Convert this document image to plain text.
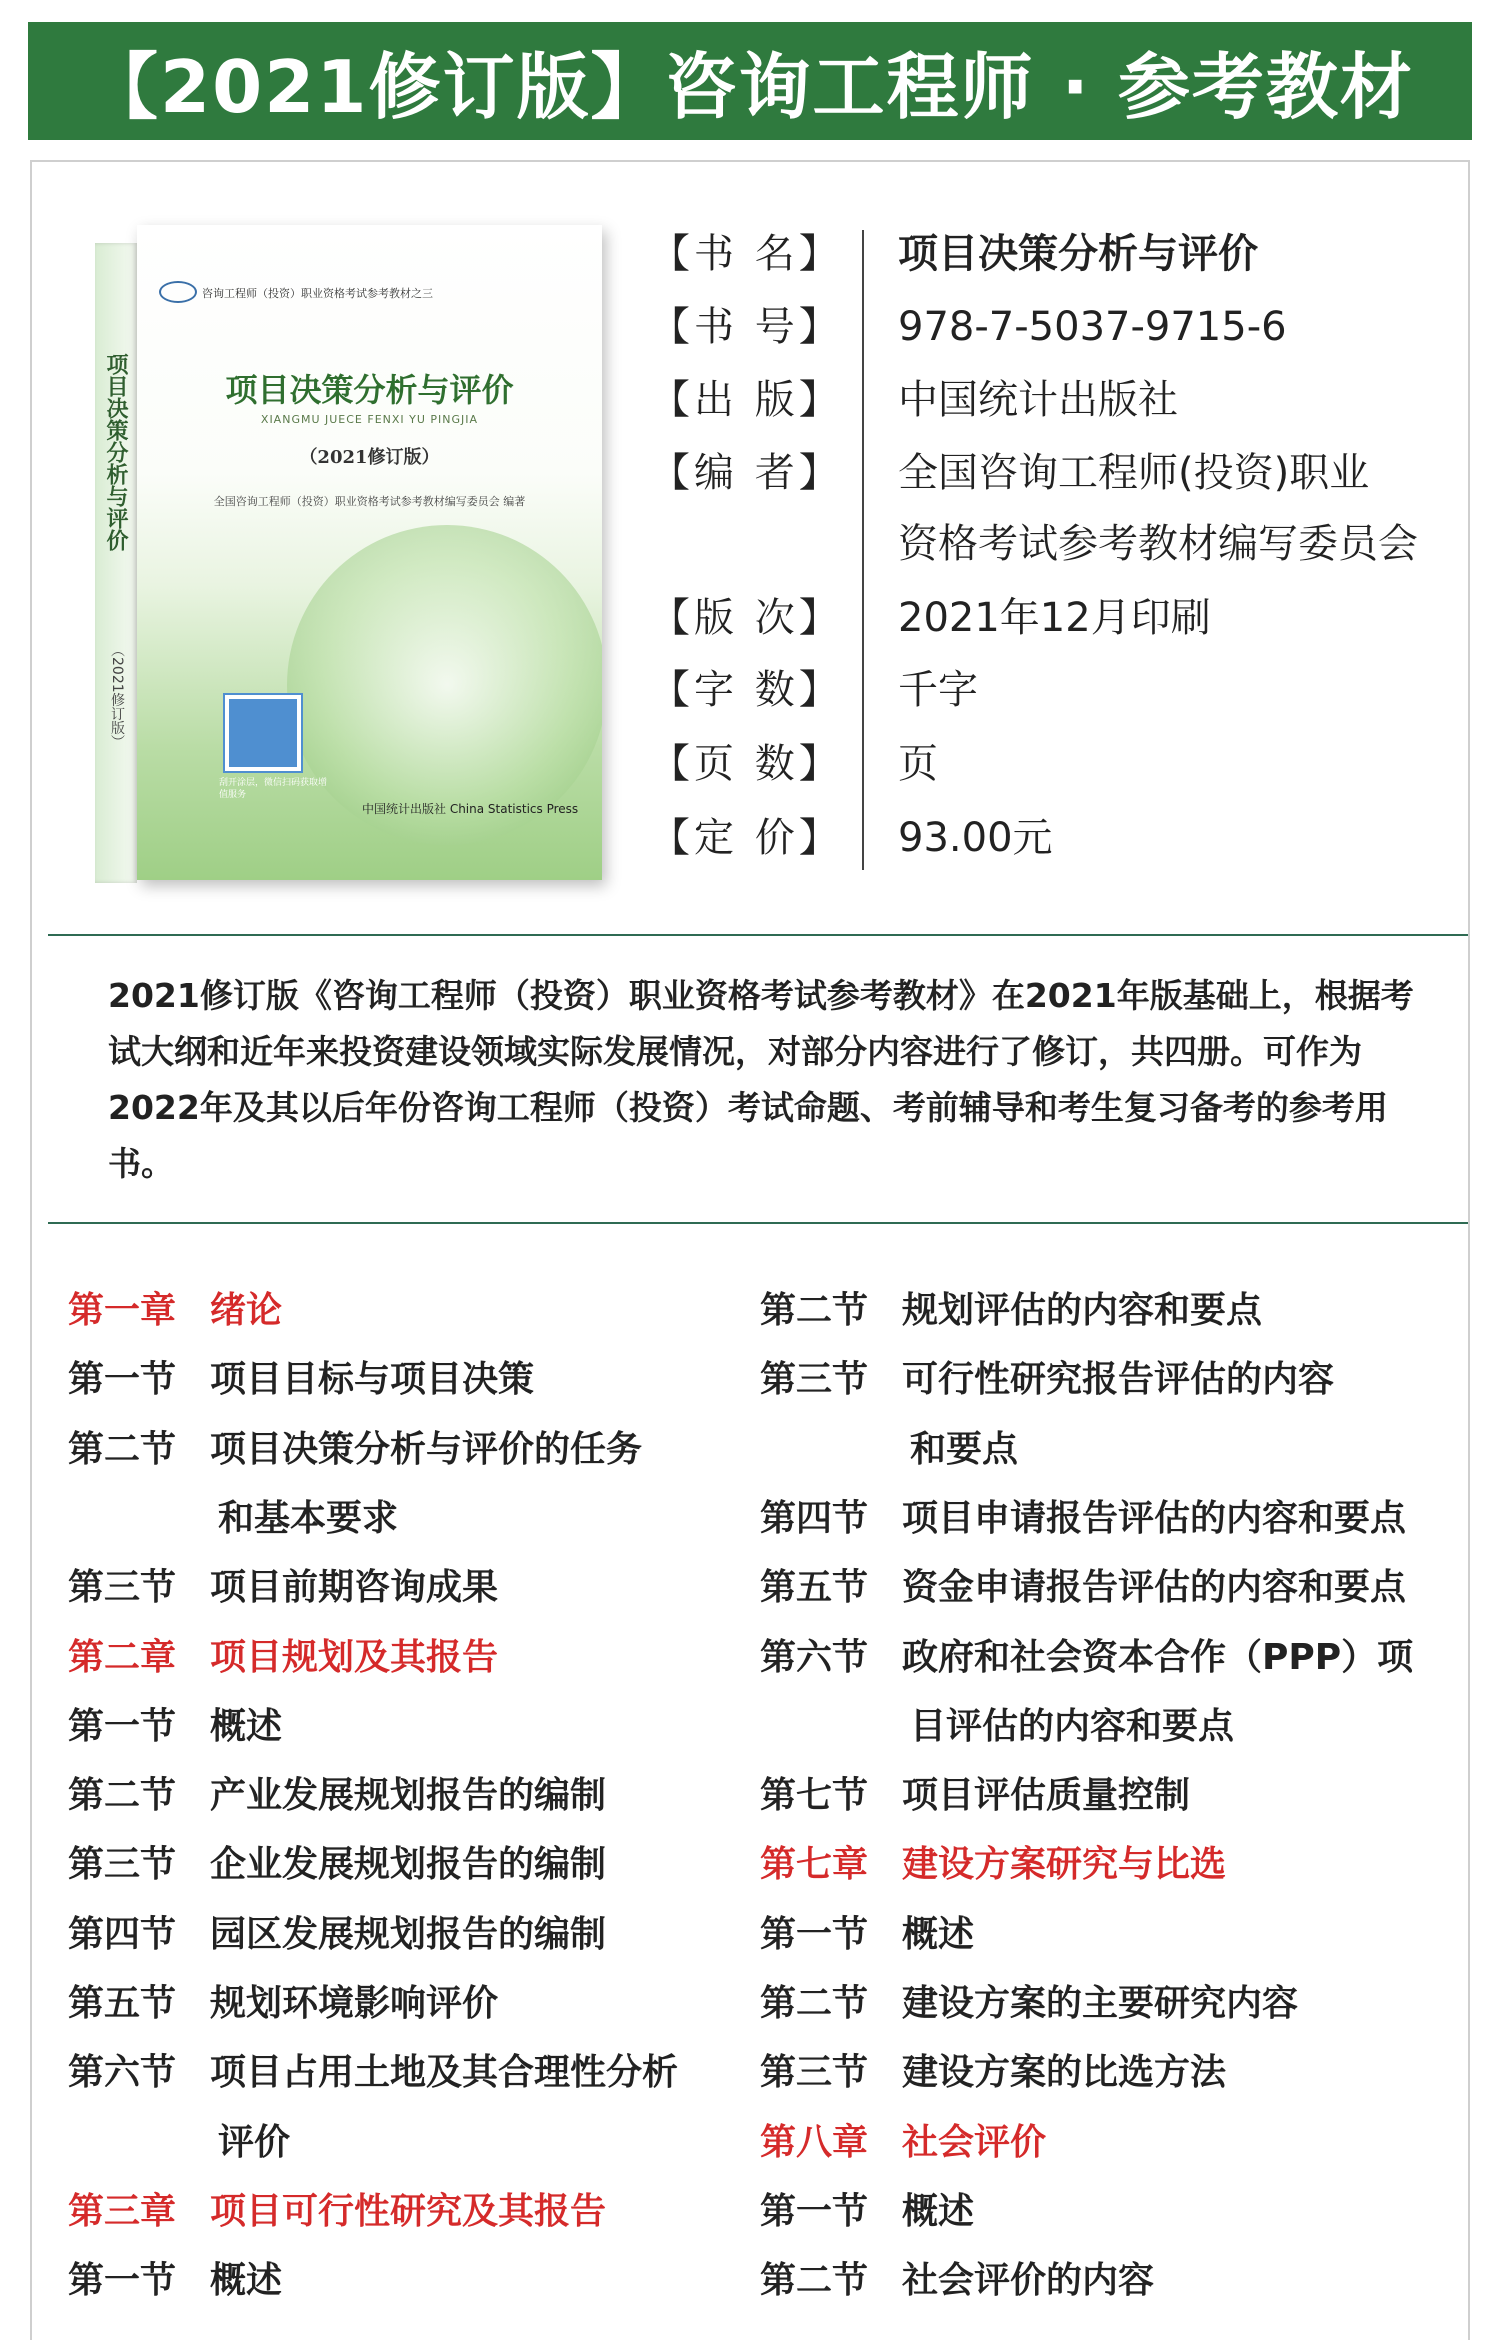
【2021修订版】咨询工程师 · 参考教材
项目决策分析与评价
（2021修订版）
咨询工程师（投资）职业资格考试参考教材之三
项目决策分析与评价
XIANGMU JUECE FENXI YU PINGJIA
（2021修订版）
全国咨询工程师（投资）职业资格考试参考教材编写委员会 编著
刮开涂层，微信扫码获取增值服务
中国统计出版社 China Statistics Press
【书 名】 项目决策分析与评价
【书 号】 978-7-5037-9715-6
【出 版】 中国统计出版社
【编 者】 全国咨询工程师(投资)职业
资格考试参考教材编写委员会
【版 次】 2021年12月印刷
【字 数】 千字
【页 数】 页
【定 价】 93.00元
2021修订版《咨询工程师（投资）职业资格考试参考教材》在2021年版基础上，根据考试大纲和近年来投资建设领域实际发展情况，对部分内容进行了修订，共四册。可作为2022年及其以后年份咨询工程师（投资）考试命题、考前辅导和考生复习备考的参考用书。
第一章 绪论
第一节 项目目标与项目决策
第二节 项目决策分析与评价的任务
和基本要求
第三节 项目前期咨询成果
第二章 项目规划及其报告
第一节 概述
第二节 产业发展规划报告的编制
第三节 企业发展规划报告的编制
第四节 园区发展规划报告的编制
第五节 规划环境影响评价
第六节 项目占用土地及其合理性分析
评价
第三章 项目可行性研究及其报告
第一节 概述
第二节 规划评估的内容和要点
第三节 可行性研究报告评估的内容
和要点
第四节 项目申请报告评估的内容和要点
第五节 资金申请报告评估的内容和要点
第六节 政府和社会资本合作（PPP）项
目评估的内容和要点
第七节 项目评估质量控制
第七章 建设方案研究与比选
第一节 概述
第二节 建设方案的主要研究内容
第三节 建设方案的比选方法
第八章 社会评价
第一节 概述
第二节 社会评价的内容
